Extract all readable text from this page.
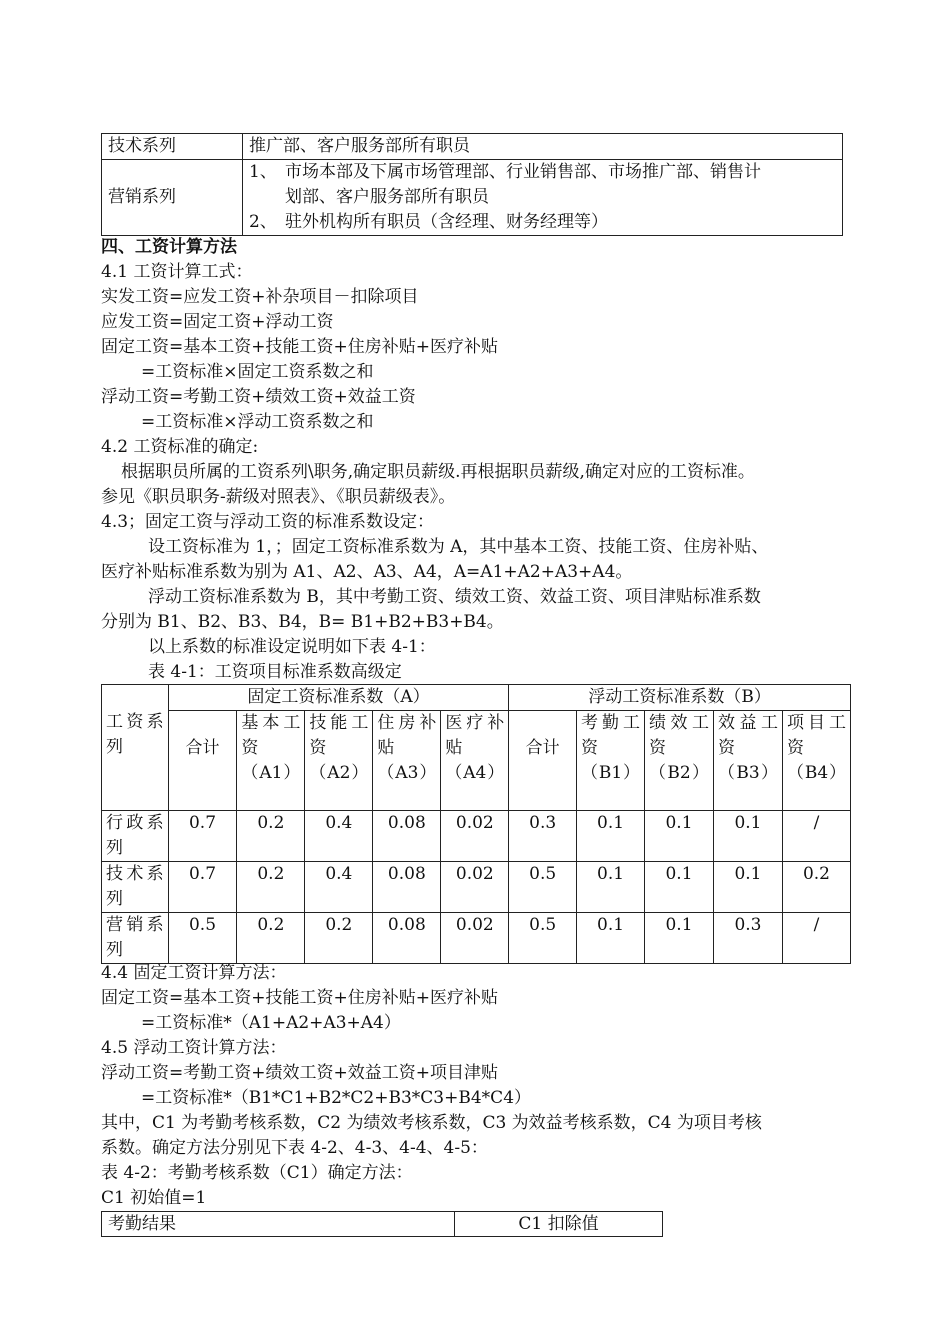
技术系列	推广部、客户服务部所有职员
营销系列	1、 市场本部及下属市场管理部、行业销售部、市场推广部、销售计
划部、客户服务部所有职员
2、 驻外机构所有职员（含经理、财务经理等）
四、工资计算方法
4.1 工资计算工式：
实发工资=应发工资+补杂项目－扣除项目
应发工资=固定工资+浮动工资
固定工资=基本工资+技能工资+住房补贴+医疗补贴
=工资标准×固定工资系数之和
浮动工资=考勤工资+绩效工资+效益工资
=工资标准×浮动工资系数之和
4.2 工资标准的确定:
根据职员所属的工资系列\职务,确定职员薪级.再根据职员薪级,确定对应的工资标准。
参见《职员职务-薪级对照表》、《职员薪级表》。
4.3；固定工资与浮动工资的标准系数设定：
设工资标准为 1，；固定工资标准系数为 A，其中基本工资、技能工资、住房补贴、
医疗补贴标准系数为别为 A1、A2、A3、A4，A=A1+A2+A3+A4。
浮动工资标准系数为 B，其中考勤工资、绩效工资、效益工资、项目津贴标准系数
分别为 B1、B2、B3、B4，B= B1+B2+B3+B4。
以上系数的标准设定说明如下表 4-1：
表 4-1：工资项目标准系数高级定
工资系列	固定工资标准系数（A）					浮动工资标准系数（B）				
	合计	基本工资（A1）	技能工资（A2）	住房补贴（A3）	医疗补贴（A4）	合计	考勤工资（B1）	绩效工资（B2）	效益工资（B3）	项目工资（B4）
行政系列	0.7	0.2	0.4	0.08	0.02	0.3	0.1	0.1	0.1	/
技术系列	0.7	0.2	0.4	0.08	0.02	0.5	0.1	0.1	0.1	0.2
营销系列	0.5	0.2	0.2	0.08	0.02	0.5	0.1	0.1	0.3	/
4.4 固定工资计算方法：
固定工资=基本工资+技能工资+住房补贴+医疗补贴
=工资标准*（A1+A2+A3+A4）
4.5 浮动工资计算方法：
浮动工资=考勤工资+绩效工资+效益工资+项目津贴
=工资标准*（B1*C1+B2*C2+B3*C3+B4*C4）
其中，C1 为考勤考核系数，C2 为绩效考核系数，C3 为效益考核系数，C4 为项目考核
系数。确定方法分别见下表 4-2、4-3、4-4、4-5：
表 4-2：考勤考核系数（C1）确定方法：
C1 初始值=1
考勤结果	C1 扣除值
